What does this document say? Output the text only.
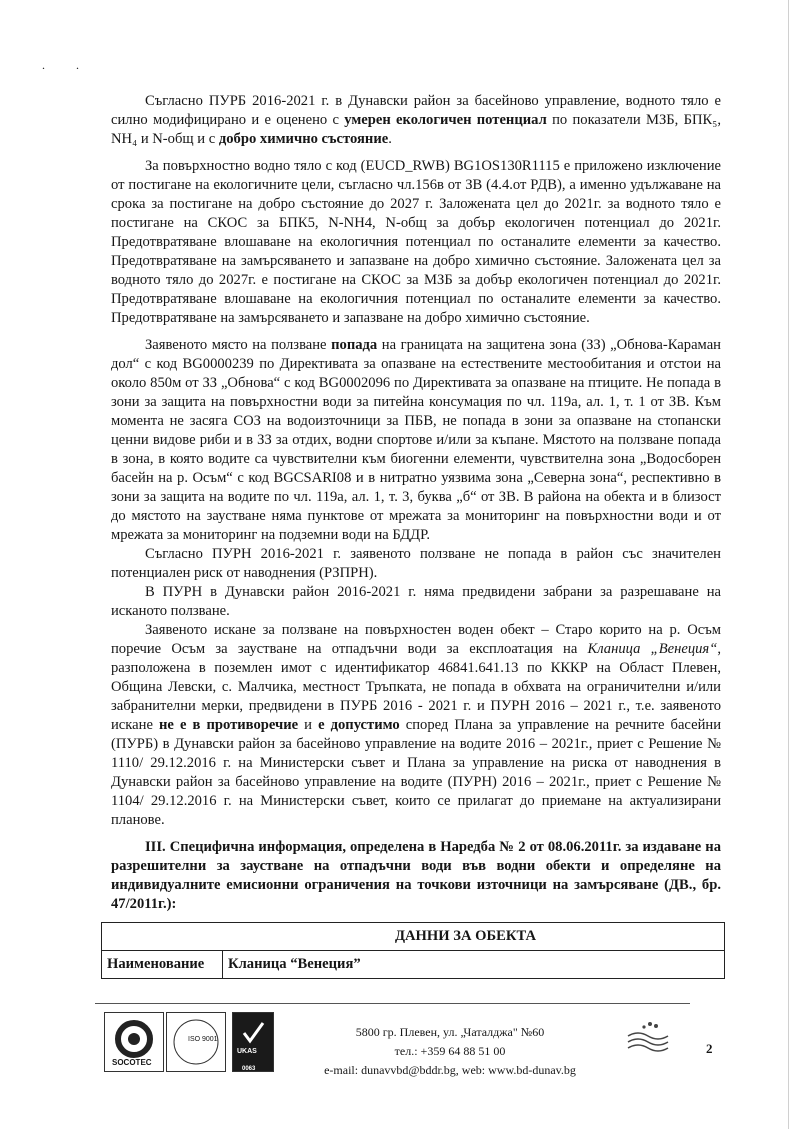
. .

Съгласно ПУРБ 2016-2021 г. в Дунавски район за басейново управление, водното тяло е силно модифицирано и е оценено с умерен екологичен потенциал по показатели МЗБ, БПК₅, NH₄ и N-общ и с добро химично състояние.

За повърхностно водно тяло с код (EUCD_RWB) BG1OS130R1115 е приложено изключение от постигане на екологичните цели, съгласно чл.156в от ЗВ (4.4.от РДВ), а именно удължаване на срока за постигане на добро състояние до 2027 г. Заложената цел до 2021г. за водното тяло е постигане на СКОС за БПК5, N-NH4, N-общ за добър екологичен потенциал до 2021г. Предотвратяване влошаване на екологичния потенциал по останалите елементи за качество. Предотвратяване на замърсяването и запазване на добро химично състояние. Заложената цел за водното тяло до 2027г. е постигане на СКОС за МЗБ за добър екологичен потенциал до 2021г. Предотвратяване влошаване на екологичния потенциал по останалите елементи за качество. Предотвратяване на замърсяването и запазване на добро химично състояние.

Заявеното място на ползване попада на границата на защитена зона (ЗЗ) „Обнова-Караман дол“ с код BG0000239 по Директивата за опазване на естествените местообитания и отстои на около 850м от ЗЗ „Обнова“ с код BG0002096 по Директивата за опазване на птиците. Не попада в зони за защита на повърхностни води за питейна консумация по чл. 119а, ал. 1, т. 1 от ЗВ. Към момента не засяга СОЗ на водоизточници за ПБВ, не попада в зони за опазване на стопански ценни видове риби и в ЗЗ за отдих, водни спортове и/или за къпане. Мястото на ползване попада в зона, в която водите са чувствителни към биогенни елементи, чувствителна зона „Водосборен басейн на р. Осъм“ с код BGCSARI08 и в нитратно уязвима зона „Северна зона“, респективно в зони за защита на водите по чл. 119а, ал. 1, т. 3, буква „б“ от ЗВ. В района на обекта и в близост до мястото на заустване няма пунктове от мрежата за мониторинг на повърхностни води и от мрежата за мониторинг на подземни води на БДДР.

Съгласно ПУРН 2016-2021 г. заявеното ползване не попада в район със значителен потенциален риск от наводнения (РЗПРН).

В ПУРН в Дунавски район 2016-2021 г. няма предвидени забрани за разрешаване на исканото ползване.

Заявеното искане за ползване на повърхностен воден обект – Старо корито на р. Осъм поречие Осъм за заустване на отпадъчни води за експлоатация на Кланица „Венеция“, разположена в поземлен имот с идентификатор 46841.641.13 по КККР на Област Плевен, Община Левски, с. Малчика, местност Тръпката, не попада в обхвата на ограничителни и/или забранителни мерки, предвидени в ПУРБ 2016 - 2021 г. и ПУРН 2016 – 2021 г., т.е. заявеното искане не е в противоречие и е допустимо според Плана за управление на речните басейни (ПУРБ) в Дунавски район за басейново управление на водите 2016 – 2021г., приет с Решение № 1110/ 29.12.2016 г. на Министерски съвет и Плана за управление на риска от наводнения в Дунавски район за басейново управление на водите (ПУРН) 2016 – 2021г., приет с Решение № 1104/ 29.12.2016 г. на Министерски съвет, които се прилагат до приемане на актуализирани планове.

III. Специфична информация, определена в Наредба № 2 от 08.06.2011г. за издаване на разрешителни за заустване на отпадъчни води във водни обекти и определяне на индивидуалните емисионни ограничения на точкови източници на замърсяване (ДВ., бр. 47/2011г.):

ДАННИ ЗА ОБЕКТА
Наименование	Кланица “Венеция”
SOCOTEC
ISO 9001
UKAS
0063
5800 гр. Плевен, ул. „Чаталджа" №60
тел.: +359 64 88 51 00
e-mail: dunavvbd@bddr.bg, web: www.bd-dunav.bg
2
